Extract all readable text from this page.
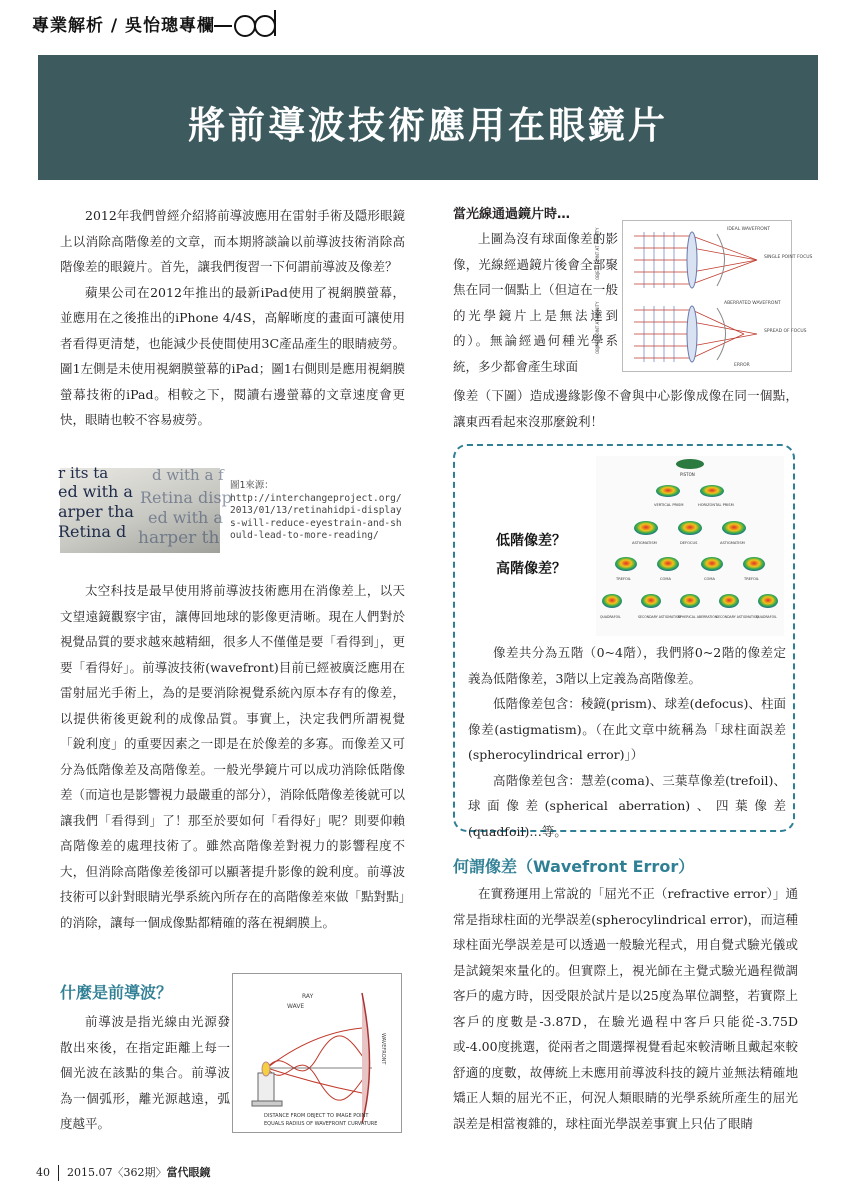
專業解析 / 吳怡璁專欄
將前導波技術應用在眼鏡片

2012年我們曾經介紹將前導波應用在雷射手術及隱形眼鏡上以消除高階像差的文章，而本期將談論以前導波技術消除高階像差的眼鏡片。首先，讓我們復習一下何謂前導波及像差？

蘋果公司在2012年推出的最新iPad使用了視網膜螢幕，並應用在之後推出的iPhone 4/4S，高解晰度的畫面可讓使用者看得更清楚，也能減少長使間使用3C產品產生的眼睛疲勞。圖1左側是未使用視網膜螢幕的iPad；圖1右側則是應用視網膜螢幕技術的iPad。相較之下，閱讀右邊螢幕的文章速度會更快，眼睛也較不容易疲勞。

r its ta	d with a f
ed with a Retina disp
arper tha ed with a
Retina d harper th
圖1來源：
http://interchangeproject.org/2013/01/13/retinahidpi-displays-will-reduce-eyestrain-and-should-lead-to-more-reading/

太空科技是最早使用將前導波技術應用在消像差上，以天文望遠鏡觀察宇宙，讓傳回地球的影像更清晰。現在人們對於視覺品質的要求越來越精細，很多人不僅僅是要「看得到」，更要「看得好」。前導波技術(wavefront)目前已經被廣泛應用在雷射屈光手術上，為的是要消除視覺系統內原本存有的像差，以提供術後更銳利的成像品質。事實上，決定我們所謂視覺「銳利度」的重要因素之一即是在於像差的多寡。而像差又可分為低階像差及高階像差。一般光學鏡片可以成功消除低階像差（而這也是影響視力最嚴重的部分），消除低階像差後就可以讓我們「看得到」了！那至於要如何「看得好」呢？則要仰賴高階像差的處理技術了。雖然高階像差對視力的影響程度不大，但消除高階像差後卻可以顯著提升影像的銳利度。前導波技術可以針對眼睛光學系統內所存在的高階像差來做「點對點」的消除，讓每一個成像點都精確的落在視網膜上。

什麼是前導波？

前導波是指光線由光源發散出來後，在指定距離上每一個光波在該點的集合。前導波為一個弧形，離光源越遠，弧度越平。

RAY
WAVE
WAVEFRONT
DISTANCE FROM OBJECT TO IMAGE POINT
EQUALS RADIUS OF WAVEFRONT CURVATURE
當光線通過鏡片時…

上圖為沒有球面像差的影像，光線經過鏡片後會全部聚焦在同一個點上（但這在一般的光學鏡片上是無法達到的）。無論經過何種光學系統，多少都會產生球面

IDEAL WAVEFRONT
OBJECT POINT AT INFINITY	SINGLE POINT FOCUS
ABERRATED WAVEFRONT
OBJECT POINT AT INFINITY	SPREAD OF FOCUS
ERROR

像差（下圖）造成邊緣影像不會與中心影像成像在同一個點，讓東西看起來沒那麼銳利！

低階像差？
高階像差？
PISTON
VERTICAL PRISM	HORIZONTAL PRISM
ASTIGMATISM	DEFOCUS	ASTIGMATISM
TREFOIL	COMA	COMA	TREFOIL
QUADRAFOIL	SECONDARY ASTIGMATISM
SPHERICAL ABERRATION
SECONDARY ASTIGMATISM
QUADRAFOIL

像差共分為五階（0~4階），我們將0~2階的像差定義為低階像差，3階以上定義為高階像差。

低階像差包含：稜鏡(prism)、球差(defocus)、柱面像差(astigmatism)。（在此文章中統稱為「球柱面誤差(spherocylindrical error)」）

高階像差包含：慧差(coma)、三葉草像差(trefoil)、球面像差(spherical aberration)、四葉像差(quadfoil)…等。

何謂像差（Wavefront Error）

在實務運用上常說的「屈光不正（refractive error）」通常是指球柱面的光學誤差(spherocylindrical error)，而這種球柱面光學誤差是可以透過一般驗光程式，用自覺式驗光儀或是試鏡架來量化的。但實際上，視光師在主覺式驗光過程微調客戶的處方時，因受限於試片是以25度為單位調整，若實際上客戶的度數是-3.87D，在驗光過程中客戶只能從-3.75D或-4.00度挑選，從兩者之間選擇視覺看起來較清晰且戴起來較舒適的度數，故傳統上未應用前導波科技的鏡片並無法精確地矯正人類的屈光不正，何況人類眼睛的光學系統所產生的屈光誤差是相當複雜的，球柱面光學誤差事實上只佔了眼睛

40 2015.07〈362期〉當代眼鏡
